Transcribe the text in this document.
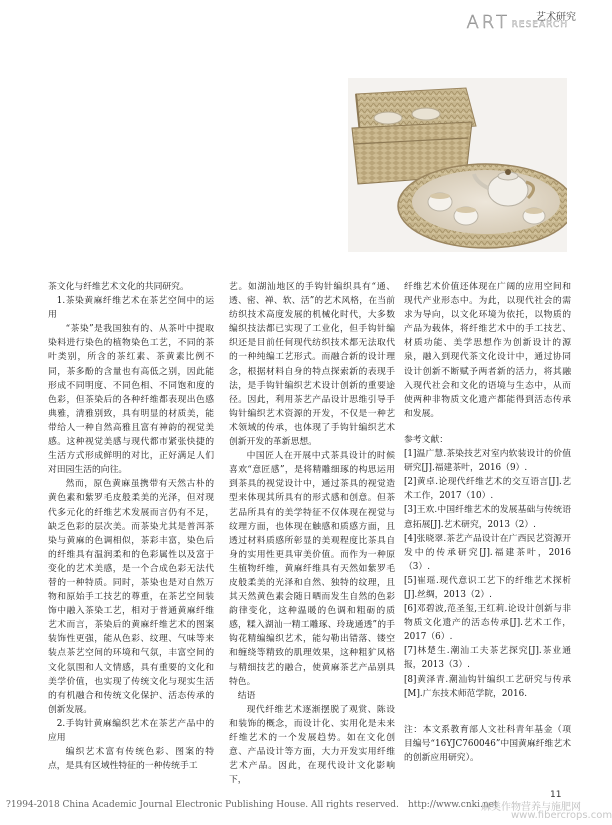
ART	艺术研究
RESEARCH

茶文化与纤维艺术文化的共同研究。

1.茶染黄麻纤维艺术在茶艺空间中的运用

“茶染”是我国独有的、从茶叶中提取染料进行染色的植物染色工艺，不同的茶叶类别，所含的茶红素、茶黄素比例不同，茶多酚的含量也有高低之别，因此能形成不同明度、不同色相、不同饱和度的色彩，但茶染后的各种纤维都表现出色感典雅，清雅别致，具有明显的材质美，能带给人一种自然高雅且富有神韵的视觉美感。这种视觉美感与现代都市紧张快捷的生活方式形成鲜明的对比，正好满足人们对田园生活的向往。

然而，原色黄麻虽携带有天然古朴的黄色素和紫罗毛皮般柔美的光泽，但对现代多元化的纤维艺术发展而言仍有不足，缺乏色彩的层次美。而茶染尤其是普洱茶染与黄麻的色调相似，茶彩丰富，染色后的纤维具有温润柔和的色彩属性以及富于变化的艺术美感，是一个合成色彩无法代替的一种特质。同时，茶染也是对自然万物和原始手工技艺的尊重，在茶艺空间装饰中融入茶染工艺，相对于普通黄麻纤维艺术而言，茶染后的黄麻纤维艺术的图案装饰性更强，能从色彩、纹理、气味等来装点茶艺空间的环境和气氛，丰富空间的文化氛围和人文情感，具有重要的文化和美学价值，也实现了传统文化与现实生活的有机融合和传统文化保护、活态传承的创新发展。

2.手钩针黄麻编织艺术在茶艺产品中的应用

编织艺术富有传统色彩、图案的特点，是具有区域性特征的一种传统手工

艺。如湖汕地区的手钩针编织具有“通、透、密、禅、软、活”的艺术风格，在当前纺织技术高度发展的机械化时代，大多数编织技法都已实现了工业化，但手钩针编织还是目前任何现代纺织技术都无法取代的一种纯编工艺形式。而融合新的设计理念，根据材料自身的特点探索新的表现手法，是手钩针编织艺术设计创新的重要途径。因此，利用茶艺产品设计思维引导手钩针编织艺术资源的开发，不仅是一种艺术领域的传承，也体现了手钩针编织艺术创新开发的革新思想。

中国匠人在开展中式茶具设计的时候喜欢“意匠感”，是将精雕细琢的构思运用到茶具的视觉设计中，通过茶具的视觉造型来体现其所具有的形式感和创意。但茶艺品所具有的美学特征不仅体现在视觉与纹理方面，也体现在触感和质感方面，且透过材料质感所彰显的美观程度比茶具自身的实用性更具审美价值。而作为一种原生植物纤维，黄麻纤维具有天然如紫罗毛皮般柔美的光泽和自然、独特的纹理，且其天然黄色素会随日晒而发生自然的色彩韵律变化，这种温暖的色调和粗砺的质感，糅入湖汕一精工雕琢、玲珑通透”的手钩花精编编织艺术，能勾勒出错落、镂空和缠绕等精致的肌理效果，这种粗犷风格与精细技艺的融合，使黄麻茶艺产品别具特色。

结语

现代纤维艺术逐渐摆脱了观赏、陈设和装饰的概念，而设计化、实用化是未来纤维艺术的一个发展趋势。如在文化创意、产品设计等方面，大力开发实用纤维艺术产品。因此，在现代设计文化影响下，

纤维艺术价值还体现在广阔的应用空间和现代产业形态中。为此，以现代社会的需求为导向，以文化环境为依托，以物质的产品为载体，将纤维艺术中的手工技艺、材质功能、美学思想作为创新设计的源泉，融入到现代茶文化设计中，通过协同设计创新不断赋予两者新的活力，将其融入现代社会和文化的语境与生态中，从而使两种非物质文化遗产都能得到活态传承和发展。

参考文献：

[1]温广慧.茶染技艺对室内软装设计的价值研究[J].福建茶叶，2016（9）.

[2]黄卓.论现代纤维艺术的交互语言[J].艺术工作，2017（10）.

[3]王欢.中国纤维艺术的发展基础与传统语意拓展[J].艺术研究，2013（2）.

[4]张晓翠.茶艺产品设计在广西民艺资源开发中的传承研究[J].福建茶叶，2016（3）.

[5]崔瑶.现代意识工艺下的纤维艺术探析[J].丝绸，2013（2）.

[6]邓碧波,范圣玺,王红莉.论设计创新与非物质文化遗产的活态传承[J].艺术工作，2017（6）.

[7]林楚生.潮汕工夫茶艺探究[J].茶业通报，2013（3）.

[8]黄泽青.潮汕钩针编织工艺研究与传承[M].广东技术师范学院，2016.

注：本文系教育部人文社科青年基金（项目编号“16YJC760046”中国黄麻纤维艺术的创新应用研究）。

11
?1994-2018 China Academic Journal Electronic Publishing House. All rights reserved. http://www.cnki.net
麻类作物营养与施肥网
www.fibercrops.com
